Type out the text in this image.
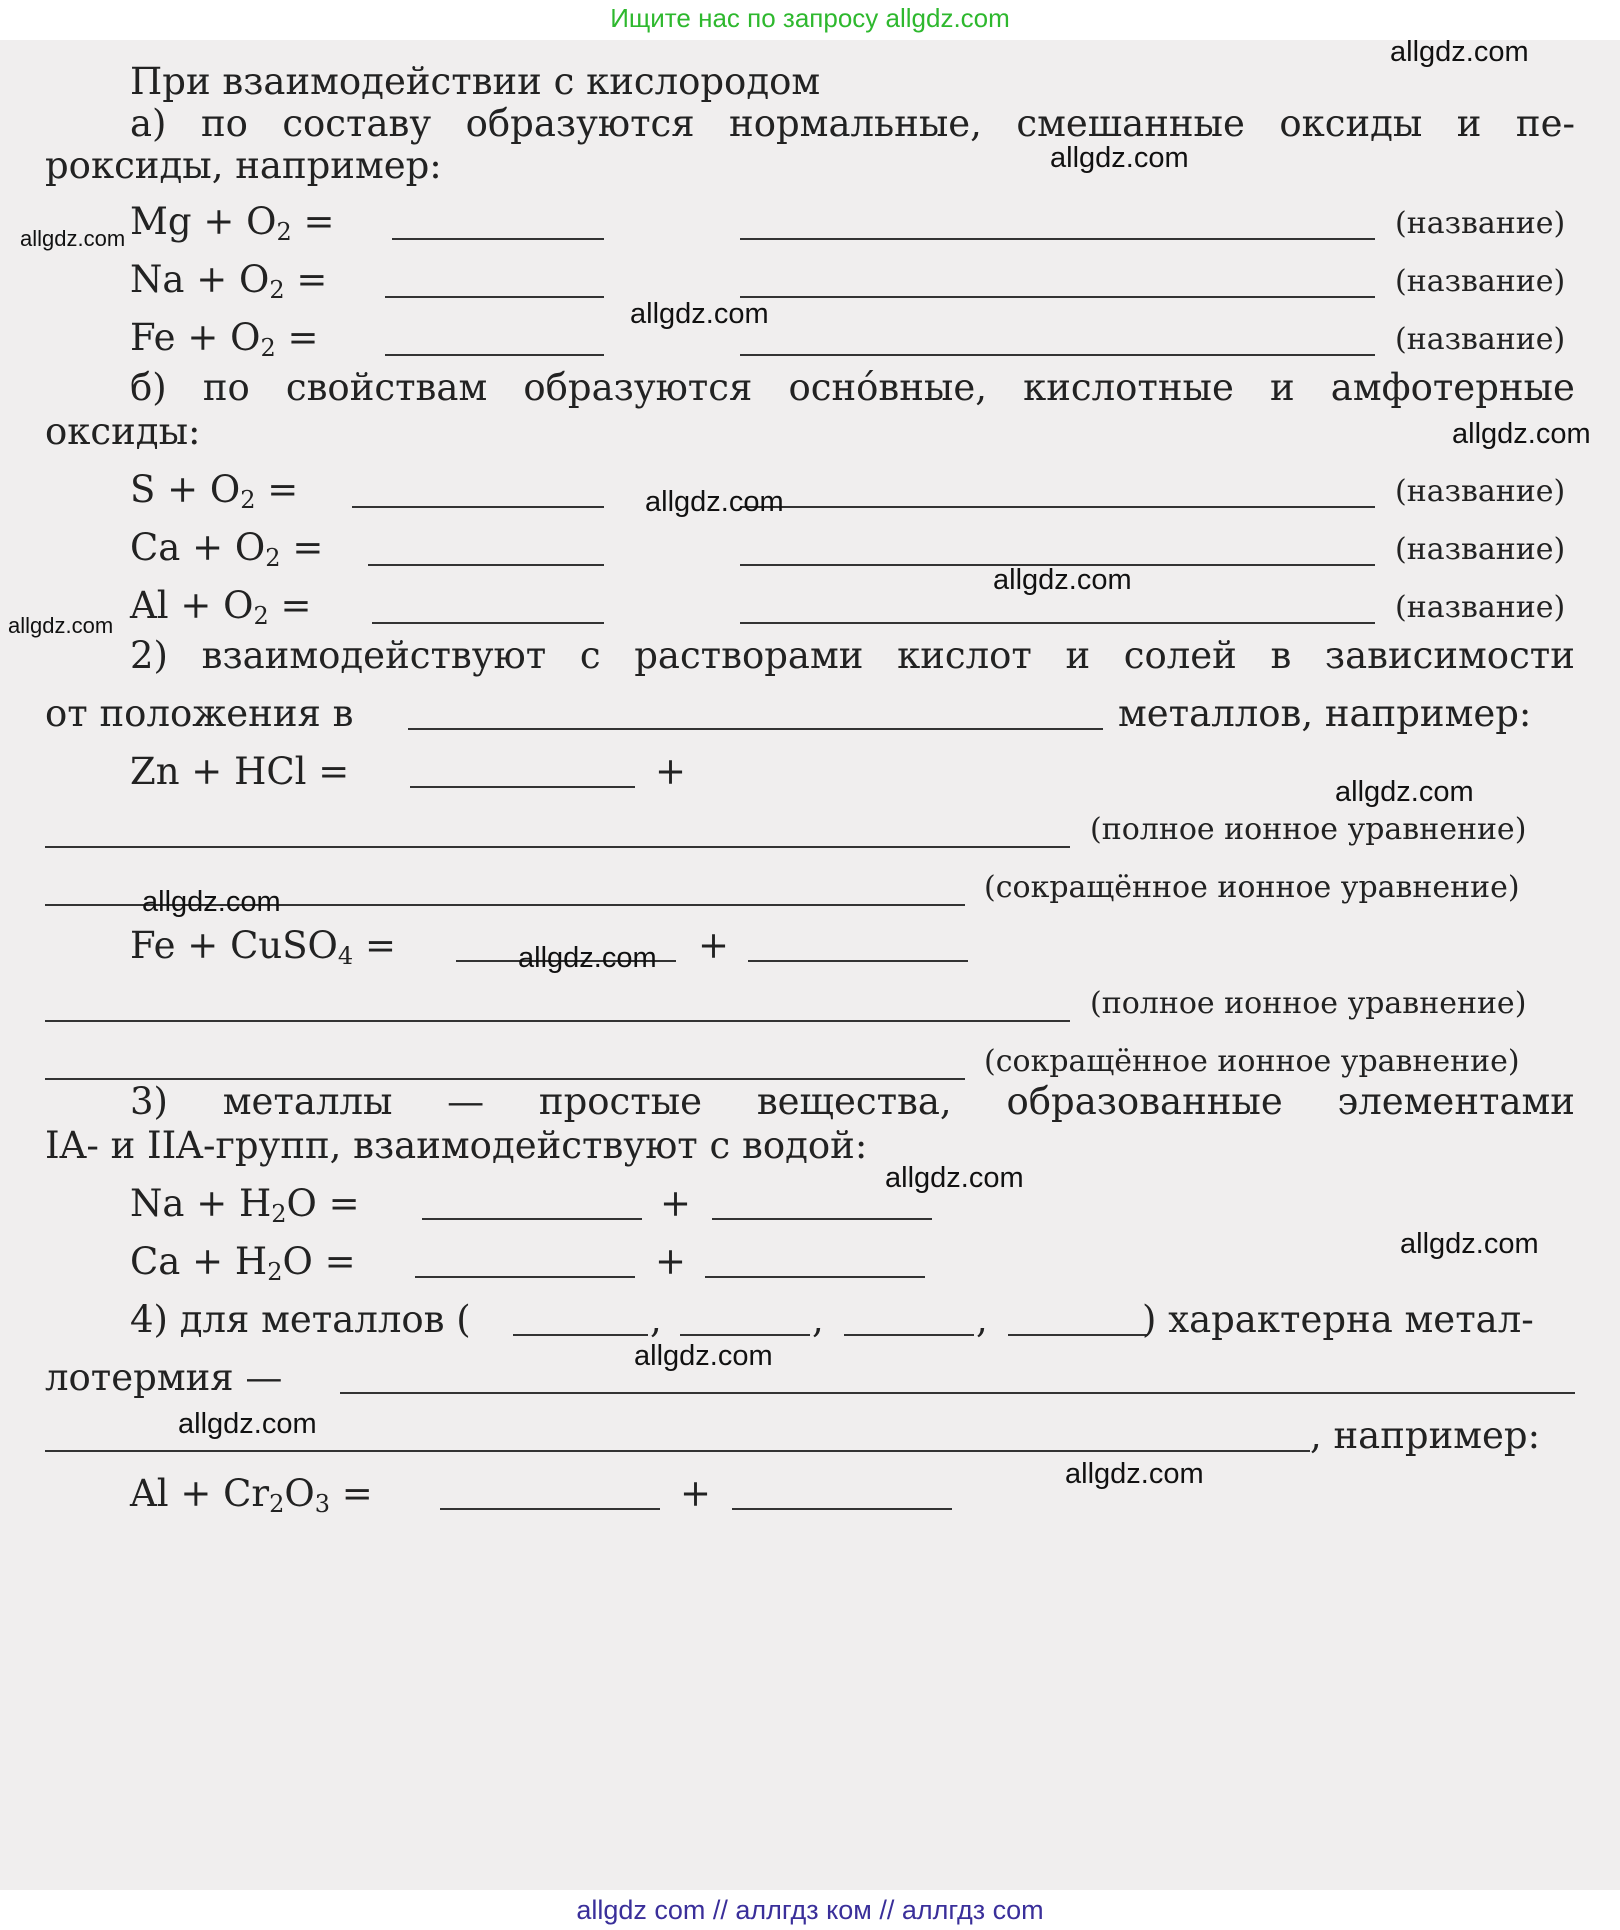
Ищите нас по запросу allgdz.com
При взаимодействии с кислородом
а) по составу образуются нормальные, смешанные оксиды и пе-
роксиды, например:
$Mg + O_2$ =	(название)
$Na + O_2$ =	(название)
$Fe + O_2$ =	(название)
б) по свойствам образуются оснóвные, кислотные и амфотерные
оксиды:
$S + O_2$ =	(название)
$Ca + O_2$ =	(название)
$Al + O_2$ =	(название)
2) взаимодействуют с растворами кислот и солей в зависимости
от положения в	металлов, например:
Zn + HCl =	+
(полное ионное уравнение)
(сокращённое ионное уравнение)
Fe + CuSO$_4$ =	+
(полное ионное уравнение)
(сокращённое ионное уравнение)
3) металлы — простые вещества, образованные элементами
IA- и IIA-групп, взаимодействуют с водой:
$Na + H_2O$ =	+
$Ca + H_2O$ =	+
4) для металлов (	,	,	,	) характерна метал-
лотермия —
, например:
$Al + Cr_2O_3$ =	+
allgdz.com
allgdz.com
allgdz.com
allgdz.com
allgdz.com
allgdz.com
allgdz.com
allgdz.com
allgdz.com
allgdz.com
allgdz.com
allgdz.com
allgdz.com
allgdz.com
allgdz.com
allgdz.com
allgdz com // аллгдз ком // аллгдз com
